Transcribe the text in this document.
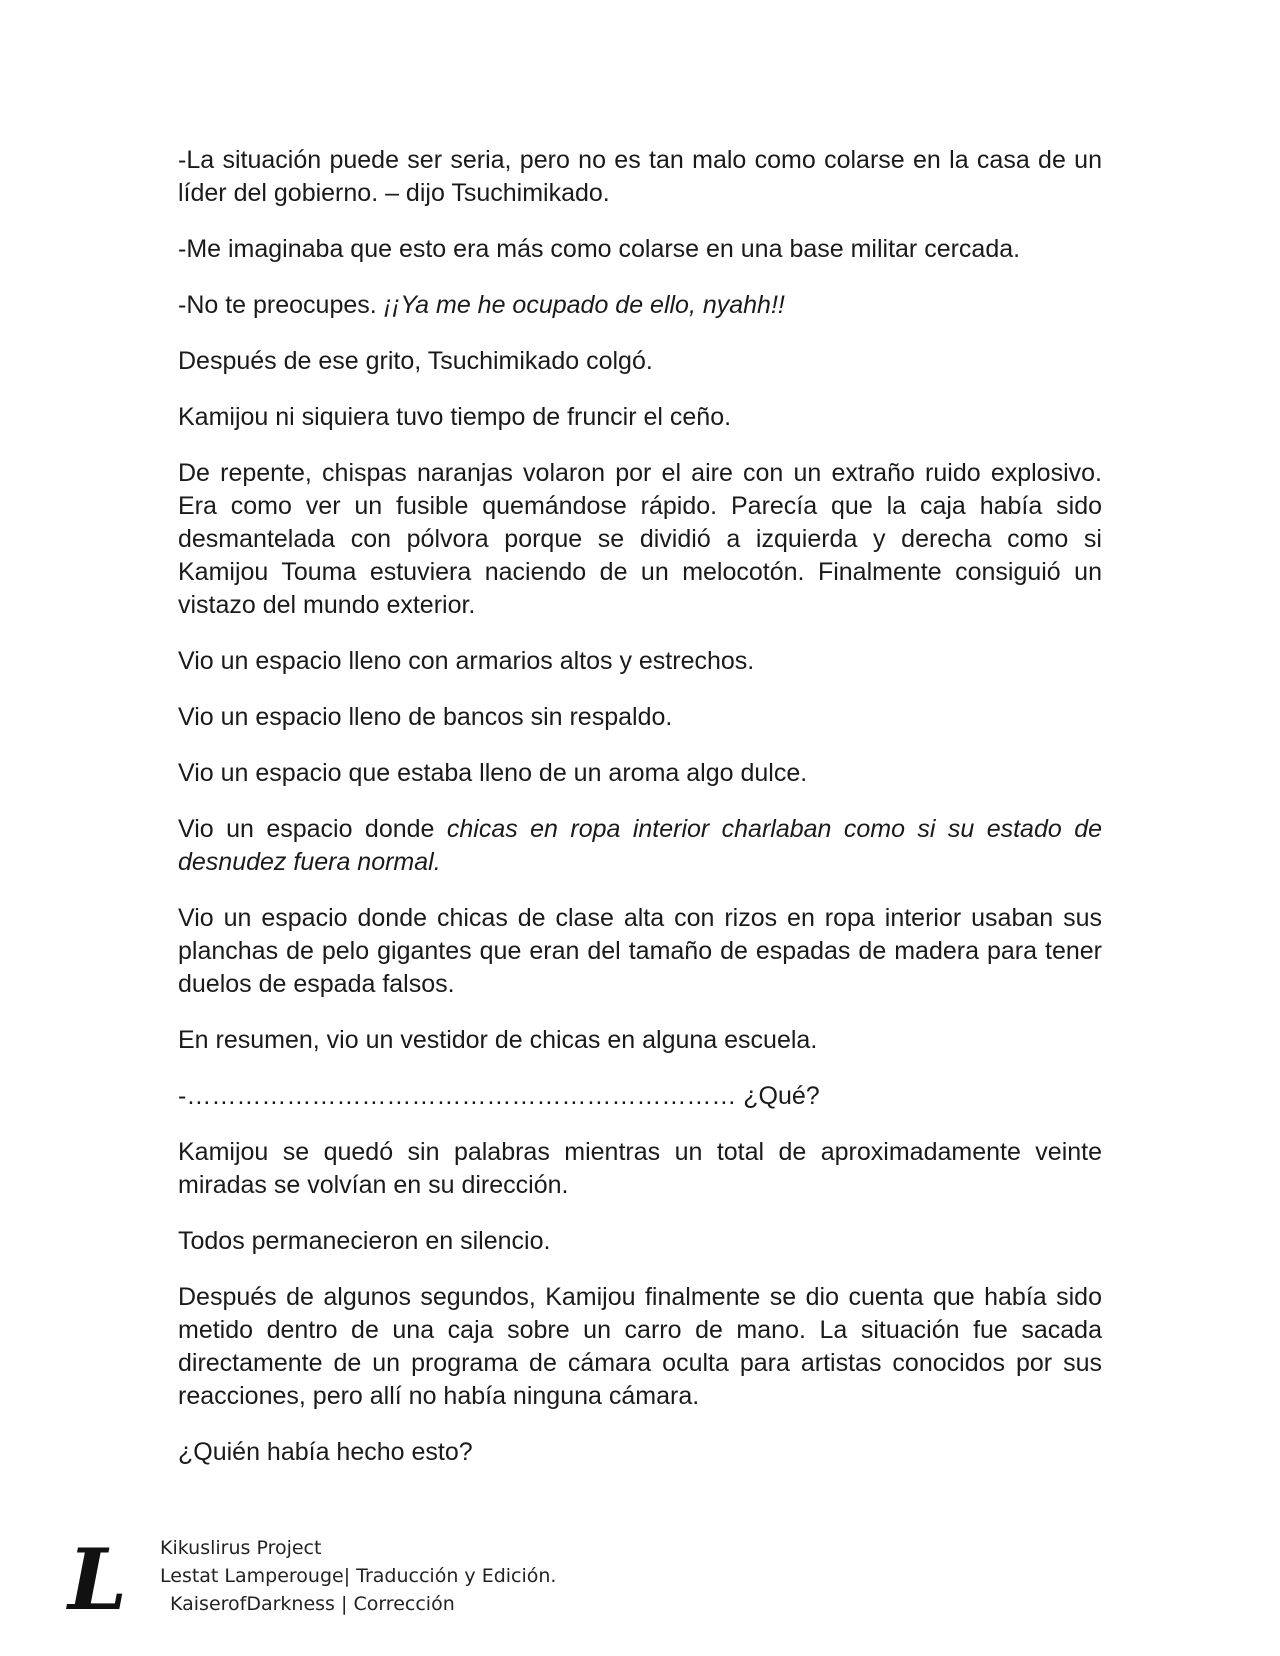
-La situación puede ser seria, pero no es tan malo como colarse en la casa de un líder del gobierno. – dijo Tsuchimikado.

-Me imaginaba que esto era más como colarse en una base militar cercada.

-No te preocupes. ¡¡Ya me he ocupado de ello, nyahh!!

Después de ese grito, Tsuchimikado colgó.

Kamijou ni siquiera tuvo tiempo de fruncir el ceño.

De repente, chispas naranjas volaron por el aire con un extraño ruido explosivo. Era como ver un fusible quemándose rápido. Parecía que la caja había sido desmantelada con pólvora porque se dividió a izquierda y derecha como si Kamijou Touma estuviera naciendo de un melocotón. Finalmente consiguió un vistazo del mundo exterior.

Vio un espacio lleno con armarios altos y estrechos.

Vio un espacio lleno de bancos sin respaldo.

Vio un espacio que estaba lleno de un aroma algo dulce.

Vio un espacio donde chicas en ropa interior charlaban como si su estado de desnudez fuera normal.

Vio un espacio donde chicas de clase alta con rizos en ropa interior usaban sus planchas de pelo gigantes que eran del tamaño de espadas de madera para tener duelos de espada falsos.

En resumen, vio un vestidor de chicas en alguna escuela.

-………………………………………………………… ¿Qué?

Kamijou se quedó sin palabras mientras un total de aproximadamente veinte miradas se volvían en su dirección.

Todos permanecieron en silencio.

Después de algunos segundos, Kamijou finalmente se dio cuenta que había sido metido dentro de una caja sobre un carro de mano. La situación fue sacada directamente de un programa de cámara oculta para artistas conocidos por sus reacciones, pero allí no había ninguna cámara.

¿Quién había hecho esto?

L Kikuslirus Project
Lestat Lamperouge| Traducción y Edición.
KaiserofDarkness | Corrección
